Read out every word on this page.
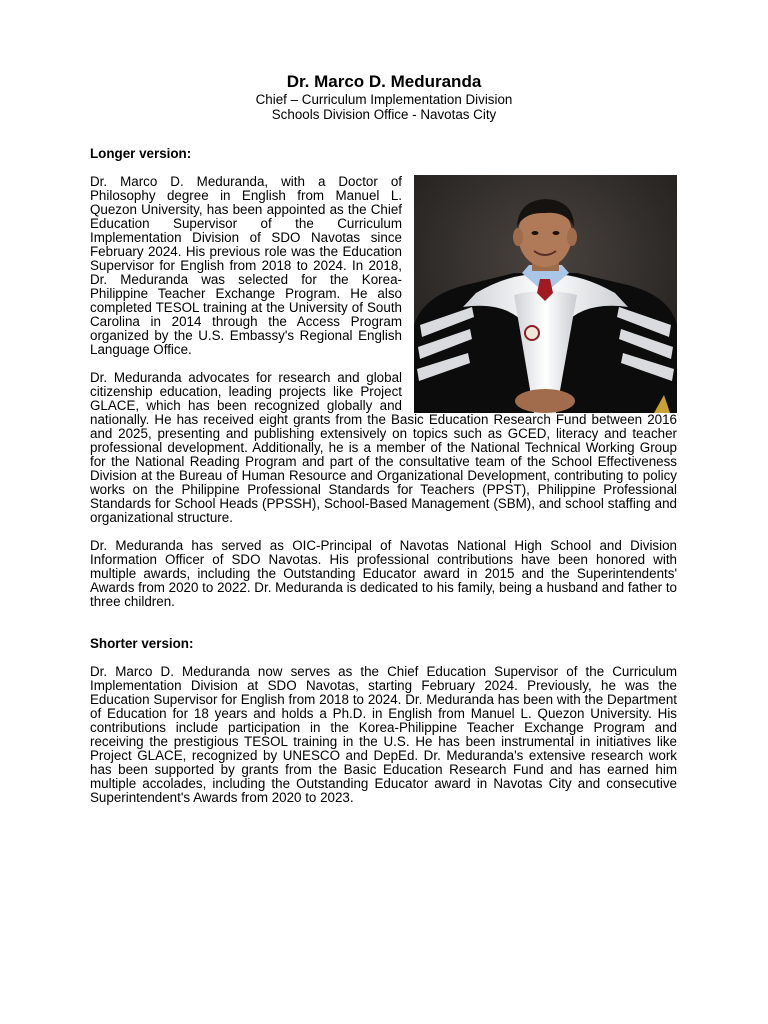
Dr. Marco D. Meduranda

Chief – Curriculum Implementation Division

Schools Division Office - Navotas City

Longer version:

Dr. Marco D. Meduranda, with a Doctor of Philosophy degree in English from Manuel L. Quezon University, has been appointed as the Chief Education Supervisor of the Curriculum Implementation Division of SDO Navotas since February 2024. His previous role was the Education Supervisor for English from 2018 to 2024. In 2018, Dr. Meduranda was selected for the Korea-Philippine Teacher Exchange Program. He also completed TESOL training at the University of South Carolina in 2014 through the Access Program organized by the U.S. Embassy's Regional English Language Office.

Dr. Meduranda advocates for research and global citizenship education, leading projects like Project GLACE, which has been recognized globally and nationally. He has received eight grants from the Basic Education Research Fund between 2016 and 2025, presenting and publishing extensively on topics such as GCED, literacy and teacher professional development. Additionally, he is a member of the National Technical Working Group for the National Reading Program and part of the consultative team of the School Effectiveness Division at the Bureau of Human Resource and Organizational Development, contributing to policy works on the Philippine Professional Standards for Teachers (PPST), Philippine Professional Standards for School Heads (PPSSH), School-Based Management (SBM), and school staffing and organizational structure.

Dr. Meduranda has served as OIC-Principal of Navotas National High School and Division Information Officer of SDO Navotas. His professional contributions have been honored with multiple awards, including the Outstanding Educator award in 2015 and the Superintendents' Awards from 2020 to 2022. Dr. Meduranda is dedicated to his family, being a husband and father to three children.

Shorter version:

Dr. Marco D. Meduranda now serves as the Chief Education Supervisor of the Curriculum Implementation Division at SDO Navotas, starting February 2024. Previously, he was the Education Supervisor for English from 2018 to 2024. Dr. Meduranda has been with the Department of Education for 18 years and holds a Ph.D. in English from Manuel L. Quezon University. His contributions include participation in the Korea-Philippine Teacher Exchange Program and receiving the prestigious TESOL training in the U.S. He has been instrumental in initiatives like Project GLACE, recognized by UNESCO and DepEd. Dr. Meduranda's extensive research work has been supported by grants from the Basic Education Research Fund and has earned him multiple accolades, including the Outstanding Educator award in Navotas City and consecutive Superintendent's Awards from 2020 to 2023.
